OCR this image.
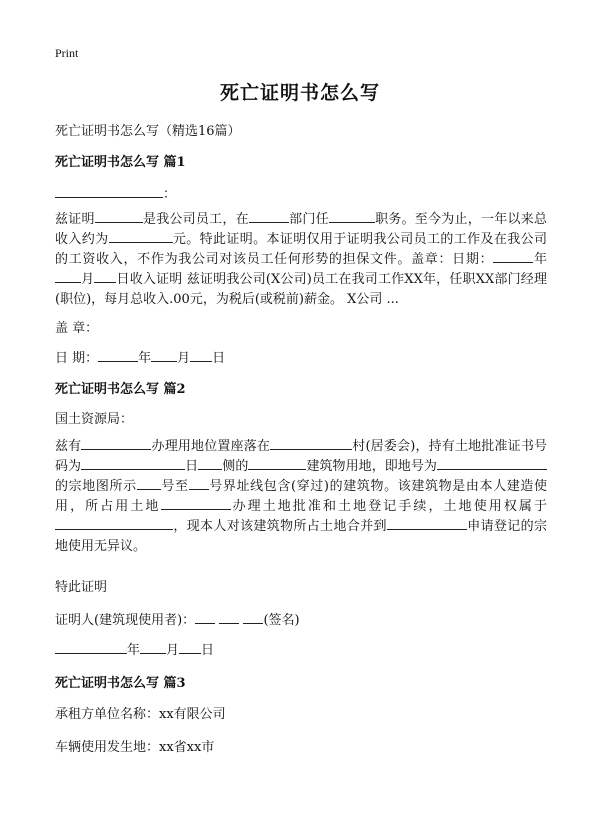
Print
死亡证明书怎么写
死亡证明书怎么写（精选16篇）
死亡证明书怎么写 篇1
：
兹证明	是我公司员工，在	部门任	职务。至今为止，一年以来总收入约为	元。特此证明。本证明仅用于证明我公司员工的工作及在我公司的工资收入，不作为我公司对该员工任何形势的担保文件。盖章：日期：	年月 日收入证明 兹证明我公司(X公司)员工在我司工作XX年，任职XX部门经理(职位)，每月总收入.00元，为税后(或税前)薪金。 X公司 ...
盖 章：
日 期：	年 月 日
死亡证明书怎么写 篇2
国土资源局：
兹有	办理用地位置座落在	村(居委会)，持有土地批准证书号码为	日 侧的	建筑物用地，即地号为的宗地图所示 号至 号界址线包含(穿过)的建筑物。该建筑物是由本人建造使用，所占用土地	办理土地批准和土地登记手续，土地使用权属于，现本人对该建筑物所占土地合并到	申请登记的宗地使用无异议。
特此证明
证明人(建筑现使用者)：	(签名)
年 月 日
死亡证明书怎么写 篇3
承租方单位名称：xx有限公司
车辆使用发生地：xx省xx市
